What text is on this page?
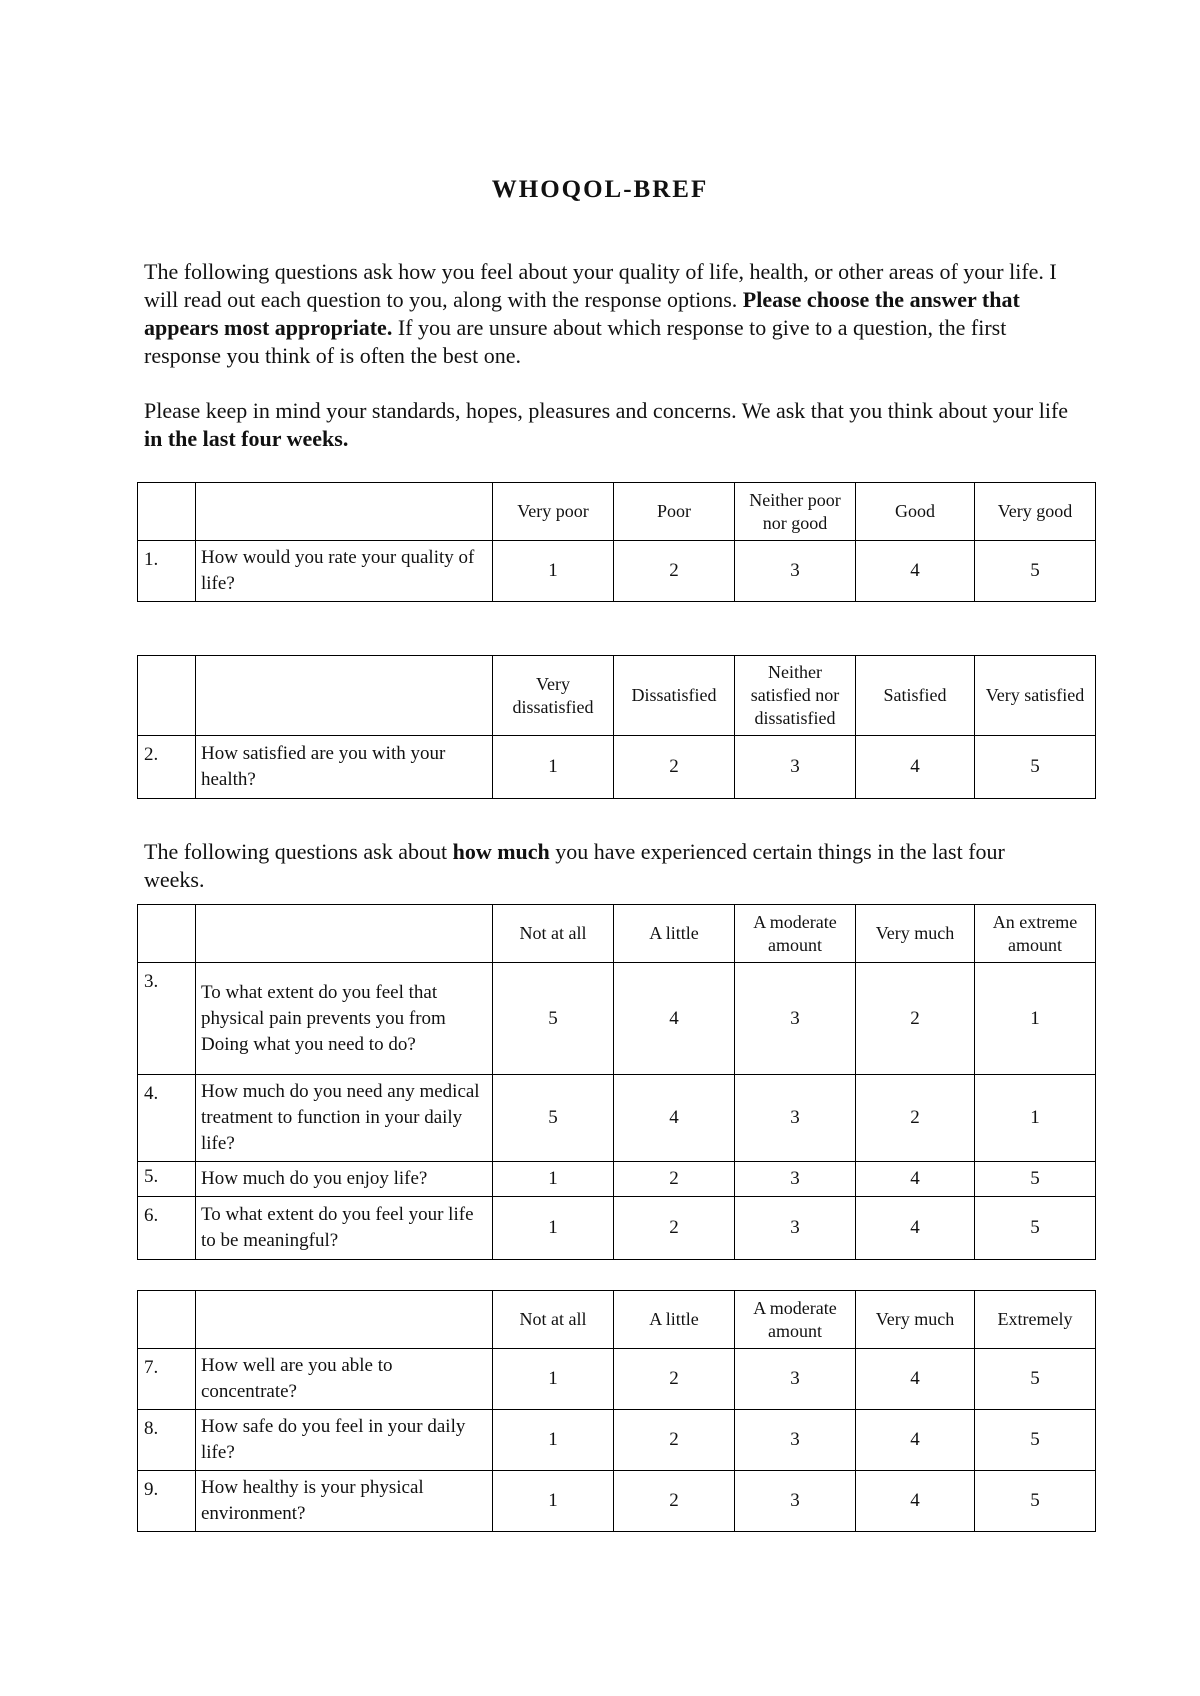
WHOQOL-BREF

The following questions ask how you feel about your quality of life, health, or other areas of your life. I will read out each question to you, along with the response options. Please choose the answer that appears most appropriate. If you are unsure about which response to give to a question, the first response you think of is often the best one.

Please keep in mind your standards, hopes, pleasures and concerns. We ask that you think about your life in the last four weeks.

		Very poor	Poor	Neither poor nor good	Good	Very good
1.	How would you rate your quality of life?	1	2	3	4	5
		Very dissatisfied	Dissatisfied	Neither satisfied nor dissatisfied	Satisfied	Very satisfied
2.	How satisfied are you with your health?	1	2	3	4	5

The following questions ask about how much you have experienced certain things in the last four weeks.

		Not at all	A little	A moderate amount	Very much	An extreme amount
3.	To what extent do you feel that physical pain prevents you from
Doing what you need to do?	5	4	3	2	1
4.	How much do you need any medical treatment to function in your daily life?	5	4	3	2	1
5.	How much do you enjoy life?	1	2	3	4	5
6.	To what extent do you feel your life to be meaningful?	1	2	3	4	5
		Not at all	A little	A moderate amount	Very much	Extremely
7.	How well are you able to concentrate?	1	2	3	4	5
8.	How safe do you feel in your daily life?	1	2	3	4	5
9.	How healthy is your physical environment?	1	2	3	4	5
